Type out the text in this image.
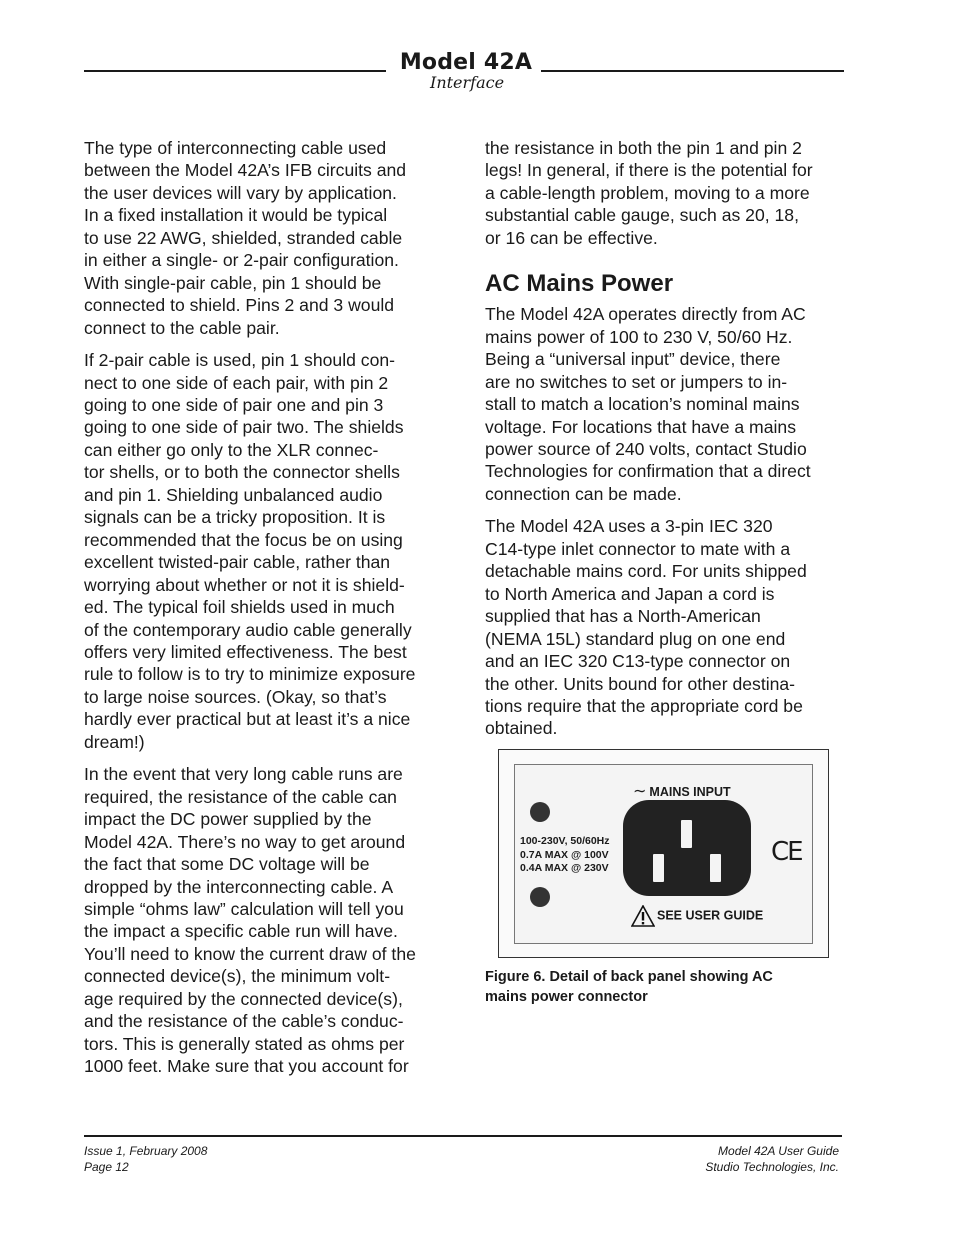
Model 42A
Interface

The type of interconnecting cable used
between the Model 42A’s IFB circuits and
the user devices will vary by application.
In a fixed installation it would be typical
to use 22 AWG, shielded, stranded cable
in either a single- or 2-pair configuration.
With single-pair cable, pin 1 should be
connected to shield. Pins 2 and 3 would
connect to the cable pair.

If 2-pair cable is used, pin 1 should con-
nect to one side of each pair, with pin 2
going to one side of pair one and pin 3
going to one side of pair two. The shields
can either go only to the XLR connec-
tor shells, or to both the connector shells
and pin 1. Shielding unbalanced audio
signals can be a tricky proposition. It is
recommended that the focus be on using
excellent twisted-pair cable, rather than
worrying about whether or not it is shield-
ed. The typical foil shields used in much
of the contemporary audio cable generally
offers very limited effectiveness. The best
rule to follow is to try to minimize exposure
to large noise sources. (Okay, so that’s
hardly ever practical but at least it’s a nice
dream!)

In the event that very long cable runs are
required, the resistance of the cable can
impact the DC power supplied by the
Model 42A. There’s no way to get around
the fact that some DC voltage will be
dropped by the interconnecting cable. A
simple “ohms law” calculation will tell you
the impact a specific cable run will have.
You’ll need to know the current draw of the
connected device(s), the minimum volt-
age required by the connected device(s),
and the resistance of the cable’s conduc-
tors. This is generally stated as ohms per
1000 feet. Make sure that you account for

the resistance in both the pin 1 and pin 2
legs! In general, if there is the potential for
a cable-length problem, moving to a more
substantial cable gauge, such as 20, 18,
or 16 can be effective.

AC Mains Power

The Model 42A operates directly from AC
mains power of 100 to 230 V, 50/60 Hz.
Being a “universal input” device, there
are no switches to set or jumpers to in-
stall to match a location’s nominal mains
voltage. For locations that have a mains
power source of 240 volts, contact Studio
Technologies for confirmation that a direct
connection can be made.

The Model 42A uses a 3-pin IEC 320
C14-type inlet connector to mate with a
detachable mains cord. For units shipped
to North America and Japan a cord is
supplied that has a North-American
(NEMA 15L) standard plug on one end
and an IEC 320 C13-type connector on
the other. Units bound for other destina-
tions require that the appropriate cord be
obtained.

∼ MAINS INPUT
100-230V, 50/60Hz
0.7A MAX @ 100V
0.4A MAX @ 230V
SEE USER GUIDE
CE
Figure 6. Detail of back panel showing AC
mains power connector
Issue 1, February 2008
Page 12
Model 42A User Guide
Studio Technologies, Inc.
